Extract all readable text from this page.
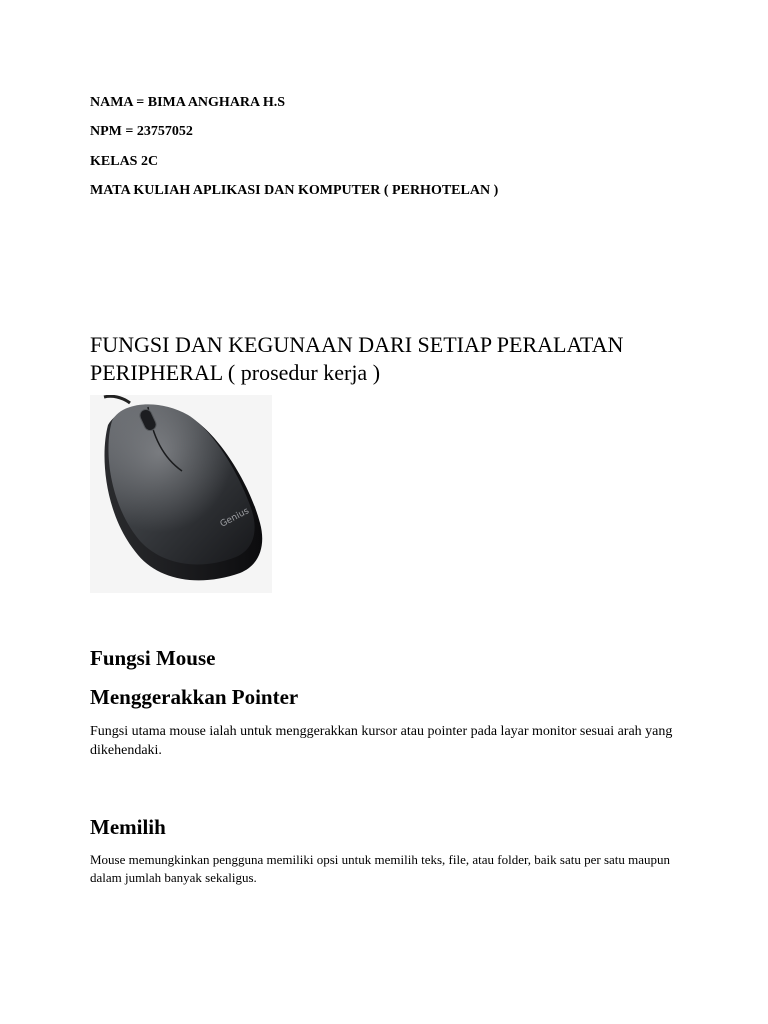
NAMA = BIMA ANGHARA H.S
NPM = 23757052
KELAS 2C
MATA KULIAH APLIKASI DAN KOMPUTER ( PERHOTELAN )
FUNGSI DAN KEGUNAAN DARI SETIAP PERALATAN
PERIPHERAL ( prosedur kerja )
Genius
Fungsi Mouse
Menggerakkan Pointer

Fungsi utama mouse ialah untuk menggerakkan kursor atau pointer pada layar monitor sesuai arah yang dikehendaki.

Memilih

Mouse memungkinkan pengguna memiliki opsi untuk memilih teks, file, atau folder, baik satu per satu maupun dalam jumlah banyak sekaligus.
